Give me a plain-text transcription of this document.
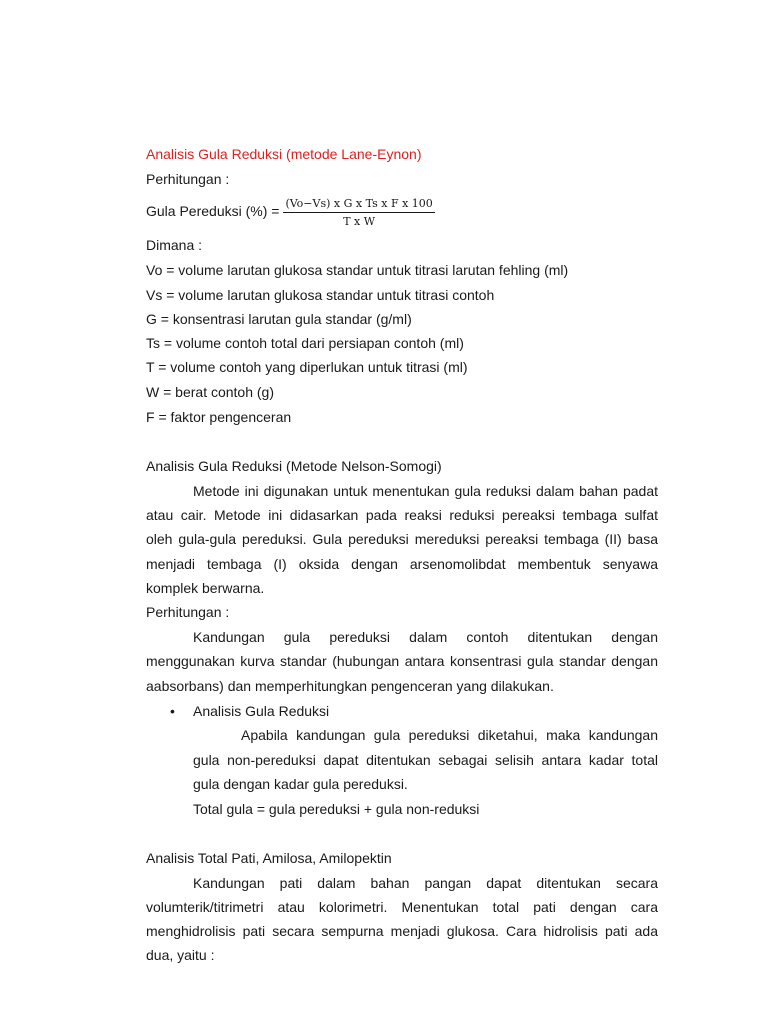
Analisis Gula Reduksi (metode Lane-Eynon)
Perhitungan :
Gula Pereduksi (%) = $\frac{\text{(Vo−Vs) x G x Ts x F x 100}}{\text{T x W}}$
Dimana :
Vo = volume larutan glukosa standar untuk titrasi larutan fehling (ml)
Vs = volume larutan glukosa standar untuk titrasi contoh
G = konsentrasi larutan gula standar (g/ml)
Ts = volume contoh total dari persiapan contoh (ml)
T = volume contoh yang diperlukan untuk titrasi (ml)
W = berat contoh (g)
F = faktor pengenceran
Analisis Gula Reduksi (Metode Nelson-Somogi)
Metode ini digunakan untuk menentukan gula reduksi dalam bahan padat
atau cair. Metode ini didasarkan pada reaksi reduksi pereaksi tembaga sulfat
oleh gula-gula pereduksi. Gula pereduksi mereduksi pereaksi tembaga (II) basa
menjadi tembaga (I) oksida dengan arsenomolibdat membentuk senyawa
komplek berwarna.
Perhitungan :
Kandungan gula pereduksi dalam contoh ditentukan dengan
menggunakan kurva standar (hubungan antara konsentrasi gula standar dengan
aabsorbans) dan memperhitungkan pengenceran yang dilakukan.
• Analisis Gula Reduksi
Apabila kandungan gula pereduksi diketahui, maka kandungan
gula non-pereduksi dapat ditentukan sebagai selisih antara kadar total
gula dengan kadar gula pereduksi.
Total gula = gula pereduksi + gula non-reduksi
Analisis Total Pati, Amilosa, Amilopektin
Kandungan pati dalam bahan pangan dapat ditentukan secara
volumterik/titrimetri atau kolorimetri. Menentukan total pati dengan cara
menghidrolisis pati secara sempurna menjadi glukosa. Cara hidrolisis pati ada
dua, yaitu :
